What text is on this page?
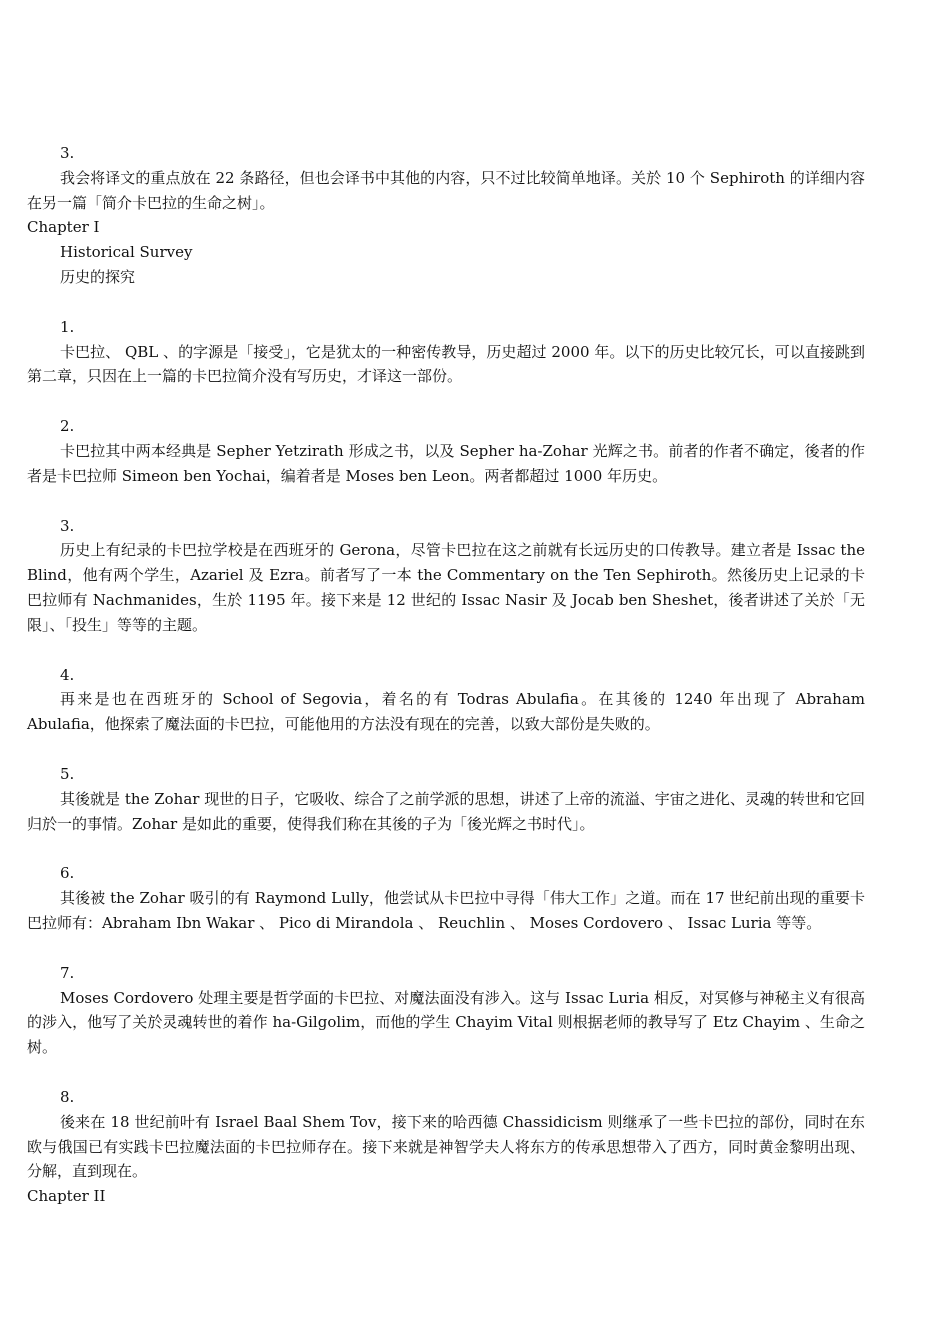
3.

我会将译文的重点放在 22 条路径，但也会译书中其他的内容，只不过比较简单地译。关於 10 个 Sephiroth 的详细内容在另一篇「简介卡巴拉的生命之树」。

Chapter I

Historical Survey

历史的探究

1.

卡巴拉、 QBL 、的字源是「接受」，它是犹太的一种密传教导，历史超过 2000 年。以下的历史比较冗长，可以直接跳到第二章，只因在上一篇的卡巴拉简介没有写历史，才译这一部份。

2.

卡巴拉其中两本经典是 Sepher Yetzirath 形成之书，以及 Sepher ha-Zohar 光辉之书。前者的作者不确定，後者的作者是卡巴拉师 Simeon ben Yochai，编着者是 Moses ben Leon。两者都超过 1000 年历史。

3.

历史上有纪录的卡巴拉学校是在西班牙的 Gerona，尽管卡巴拉在这之前就有长远历史的口传教导。建立者是 Issac the Blind，他有两个学生，Azariel 及 Ezra。前者写了一本 the Commentary on the Ten Sephiroth。然後历史上记录的卡巴拉师有 Nachmanides，生於 1195 年。接下来是 12 世纪的 Issac Nasir 及 Jocab ben Sheshet，後者讲述了关於「无限」、「投生」等等的主题。

4.

再来是也在西班牙的 School of Segovia，着名的有 Todras Abulafia。在其後的 1240 年出现了 Abraham Abulafia，他探索了魔法面的卡巴拉，可能他用的方法没有现在的完善，以致大部份是失败的。

5.

其後就是 the Zohar 现世的日子，它吸收、综合了之前学派的思想，讲述了上帝的流溢、宇宙之进化、灵魂的转世和它回归於一的事情。Zohar 是如此的重要，使得我们称在其後的子为「後光辉之书时代」。

6.

其後被 the Zohar 吸引的有 Raymond Lully，他尝试从卡巴拉中寻得「伟大工作」之道。而在 17 世纪前出现的重要卡巴拉师有：Abraham Ibn Wakar 、 Pico di Mirandola 、 Reuchlin 、 Moses Cordovero 、 Issac Luria 等等。

7.

Moses Cordovero 处理主要是哲学面的卡巴拉、对魔法面没有涉入。这与 Issac Luria 相反，对冥修与神秘主义有很高的涉入，他写了关於灵魂转世的着作 ha-Gilgolim，而他的学生 Chayim Vital 则根据老师的教导写了 Etz Chayim 、生命之树。

8.

後来在 18 世纪前叶有 Israel Baal Shem Tov，接下来的哈西德 Chassidicism 则继承了一些卡巴拉的部份，同时在东欧与俄国已有实践卡巴拉魔法面的卡巴拉师存在。接下来就是神智学夫人将东方的传承思想带入了西方，同时黄金黎明出现、分解，直到现在。

Chapter II
